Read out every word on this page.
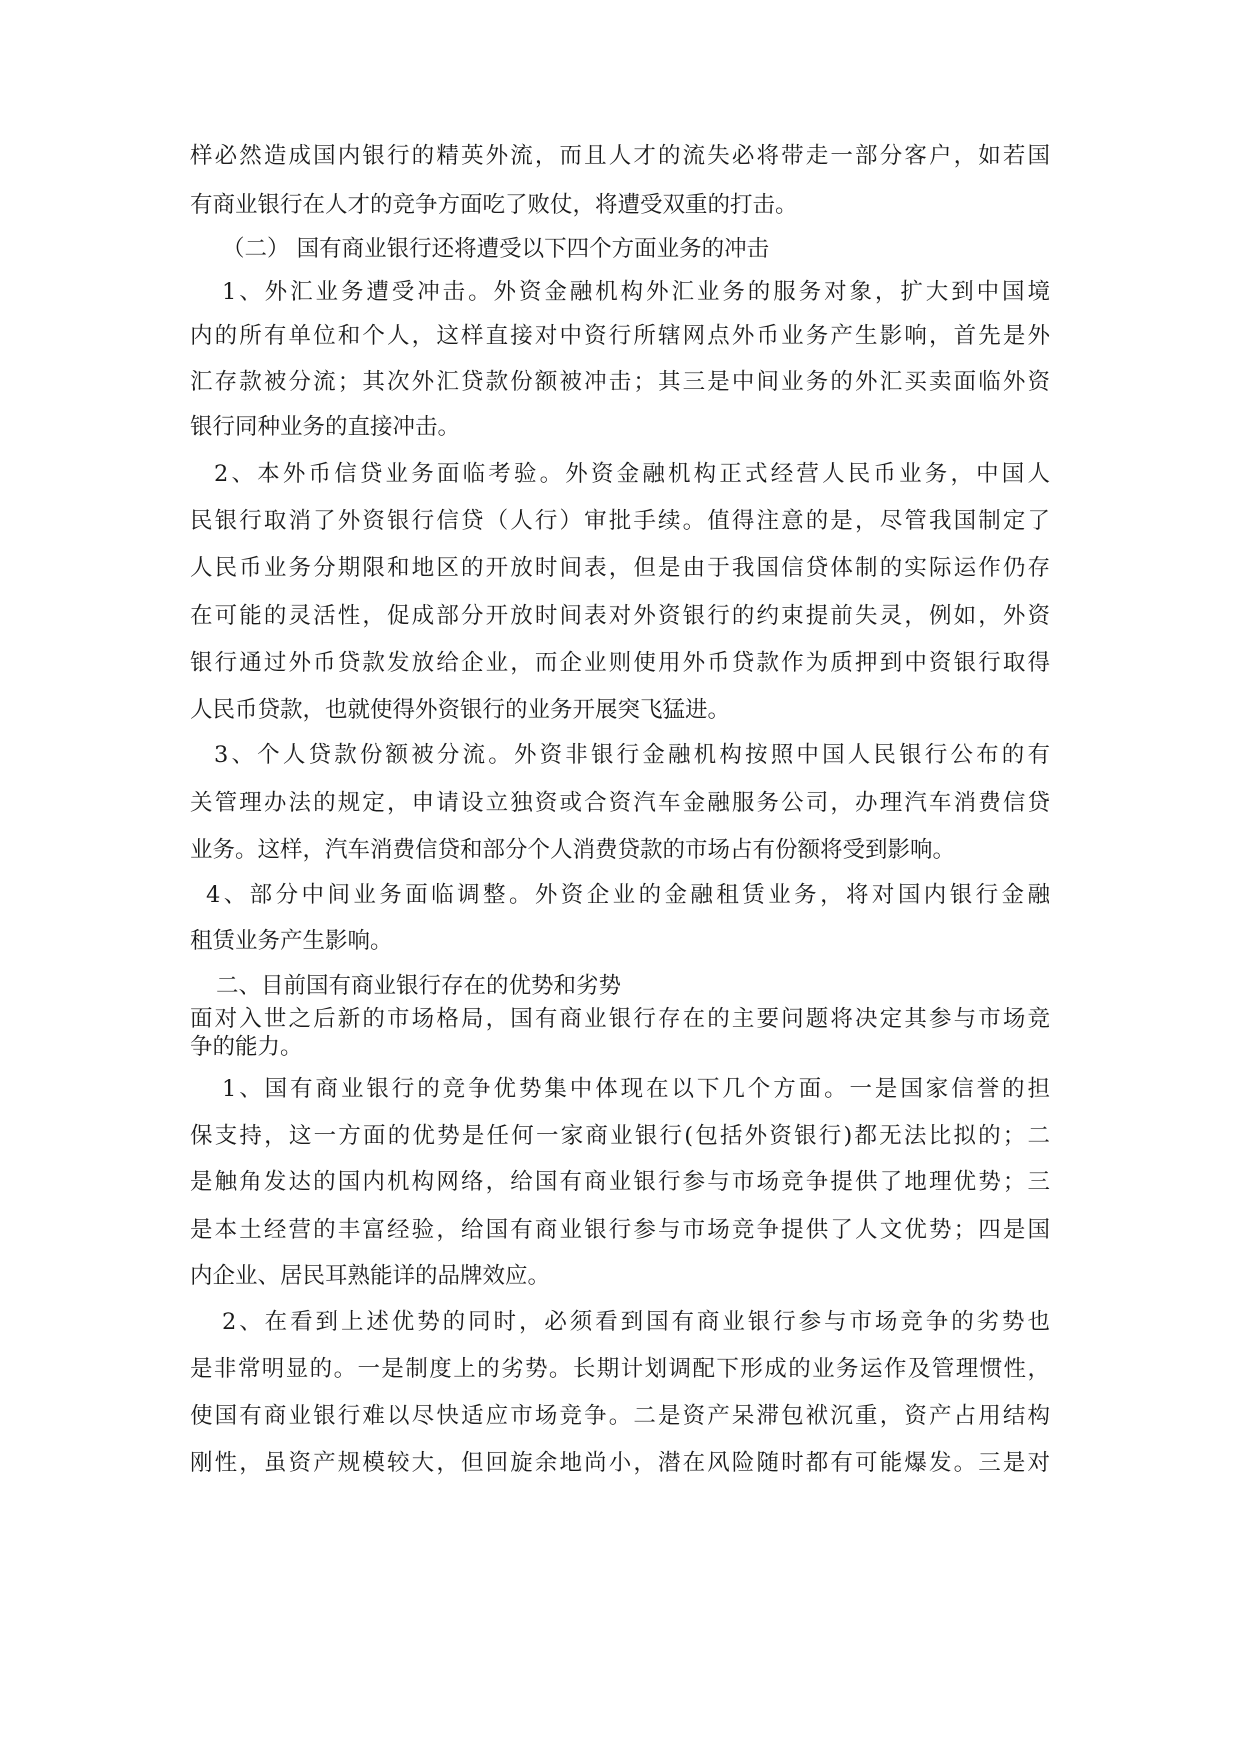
样必然造成国内银行的精英外流，而且人才的流失必将带走一部分客户，如若国
有商业银行在人才的竞争方面吃了败仗，将遭受双重的打击。
（二） 国有商业银行还将遭受以下四个方面业务的冲击
1、外汇业务遭受冲击。外资金融机构外汇业务的服务对象，扩大到中国境
内的所有单位和个人，这样直接对中资行所辖网点外币业务产生影响，首先是外
汇存款被分流；其次外汇贷款份额被冲击；其三是中间业务的外汇买卖面临外资
银行同种业务的直接冲击。
2、本外币信贷业务面临考验。外资金融机构正式经营人民币业务，中国人
民银行取消了外资银行信贷（人行）审批手续。值得注意的是，尽管我国制定了
人民币业务分期限和地区的开放时间表，但是由于我国信贷体制的实际运作仍存
在可能的灵活性，促成部分开放时间表对外资银行的约束提前失灵，例如，外资
银行通过外币贷款发放给企业，而企业则使用外币贷款作为质押到中资银行取得
人民币贷款，也就使得外资银行的业务开展突飞猛进。
3、个人贷款份额被分流。外资非银行金融机构按照中国人民银行公布的有
关管理办法的规定，申请设立独资或合资汽车金融服务公司，办理汽车消费信贷
业务。这样，汽车消费信贷和部分个人消费贷款的市场占有份额将受到影响。
4、部分中间业务面临调整。外资企业的金融租赁业务，将对国内银行金融
租赁业务产生影响。
二、目前国有商业银行存在的优势和劣势
面对入世之后新的市场格局，国有商业银行存在的主要问题将决定其参与市场竞
争的能力。
1、国有商业银行的竞争优势集中体现在以下几个方面。一是国家信誉的担
保支持，这一方面的优势是任何一家商业银行(包括外资银行)都无法比拟的；二
是触角发达的国内机构网络，给国有商业银行参与市场竞争提供了地理优势；三
是本土经营的丰富经验，给国有商业银行参与市场竞争提供了人文优势；四是国
内企业、居民耳熟能详的品牌效应。
2、在看到上述优势的同时，必须看到国有商业银行参与市场竞争的劣势也
是非常明显的。一是制度上的劣势。长期计划调配下形成的业务运作及管理惯性，
使国有商业银行难以尽快适应市场竞争。二是资产呆滞包袱沉重，资产占用结构
刚性，虽资产规模较大，但回旋余地尚小，潜在风险随时都有可能爆发。三是对
